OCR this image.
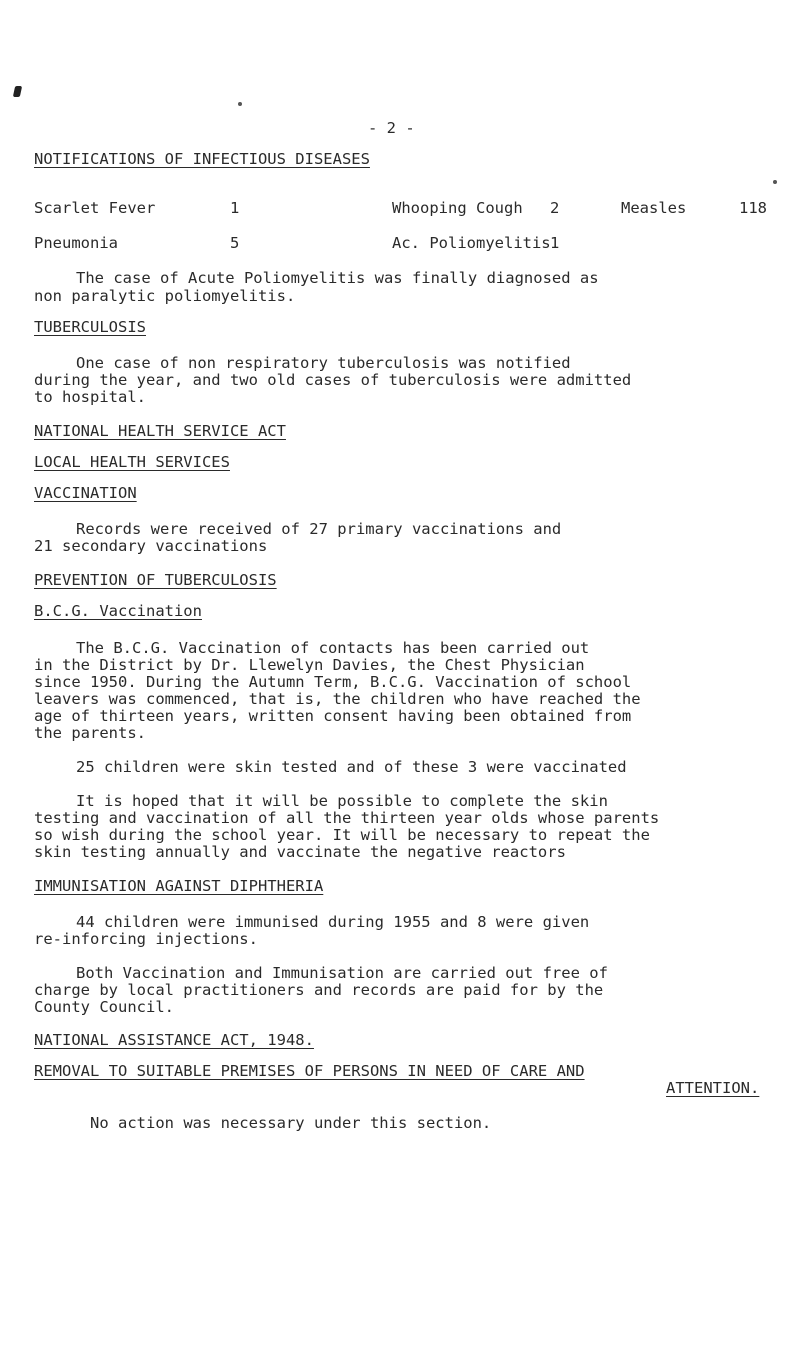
- 2 -
NOTIFICATIONS OF INFECTIOUS DISEASES
Scarlet Fever	1	Whooping Cough 2	Measles	118
Pneumonia	5	Ac. Poliomyelitis 1
The case of Acute Poliomyelitis was finally diagnosed as
non paralytic poliomyelitis.
TUBERCULOSIS
One case of non respiratory tuberculosis was notified
during the year, and two old cases of tuberculosis were admitted
to hospital.
NATIONAL HEALTH SERVICE ACT
LOCAL HEALTH SERVICES
VACCINATION
Records were received of 27 primary vaccinations and
21 secondary vaccinations
PREVENTION OF TUBERCULOSIS
B.C.G. Vaccination
The B.C.G. Vaccination of contacts has been carried out
in the District by Dr. Llewelyn Davies, the Chest Physician
since 1950. During the Autumn Term, B.C.G. Vaccination of school
leavers was commenced, that is, the children who have reached the
age of thirteen years, written consent having been obtained from
the parents.
25 children were skin tested and of these 3 were vaccinated
It is hoped that it will be possible to complete the skin
testing and vaccination of all the thirteen year olds whose parents
so wish during the school year. It will be necessary to repeat the
skin testing annually and vaccinate the negative reactors
IMMUNISATION AGAINST DIPHTHERIA
44 children were immunised during 1955 and 8 were given
re-inforcing injections.
Both Vaccination and Immunisation are carried out free of
charge by local practitioners and records are paid for by the
County Council.
NATIONAL ASSISTANCE ACT, 1948.
REMOVAL TO SUITABLE PREMISES OF PERSONS IN NEED OF CARE AND
ATTENTION.
No action was necessary under this section.
